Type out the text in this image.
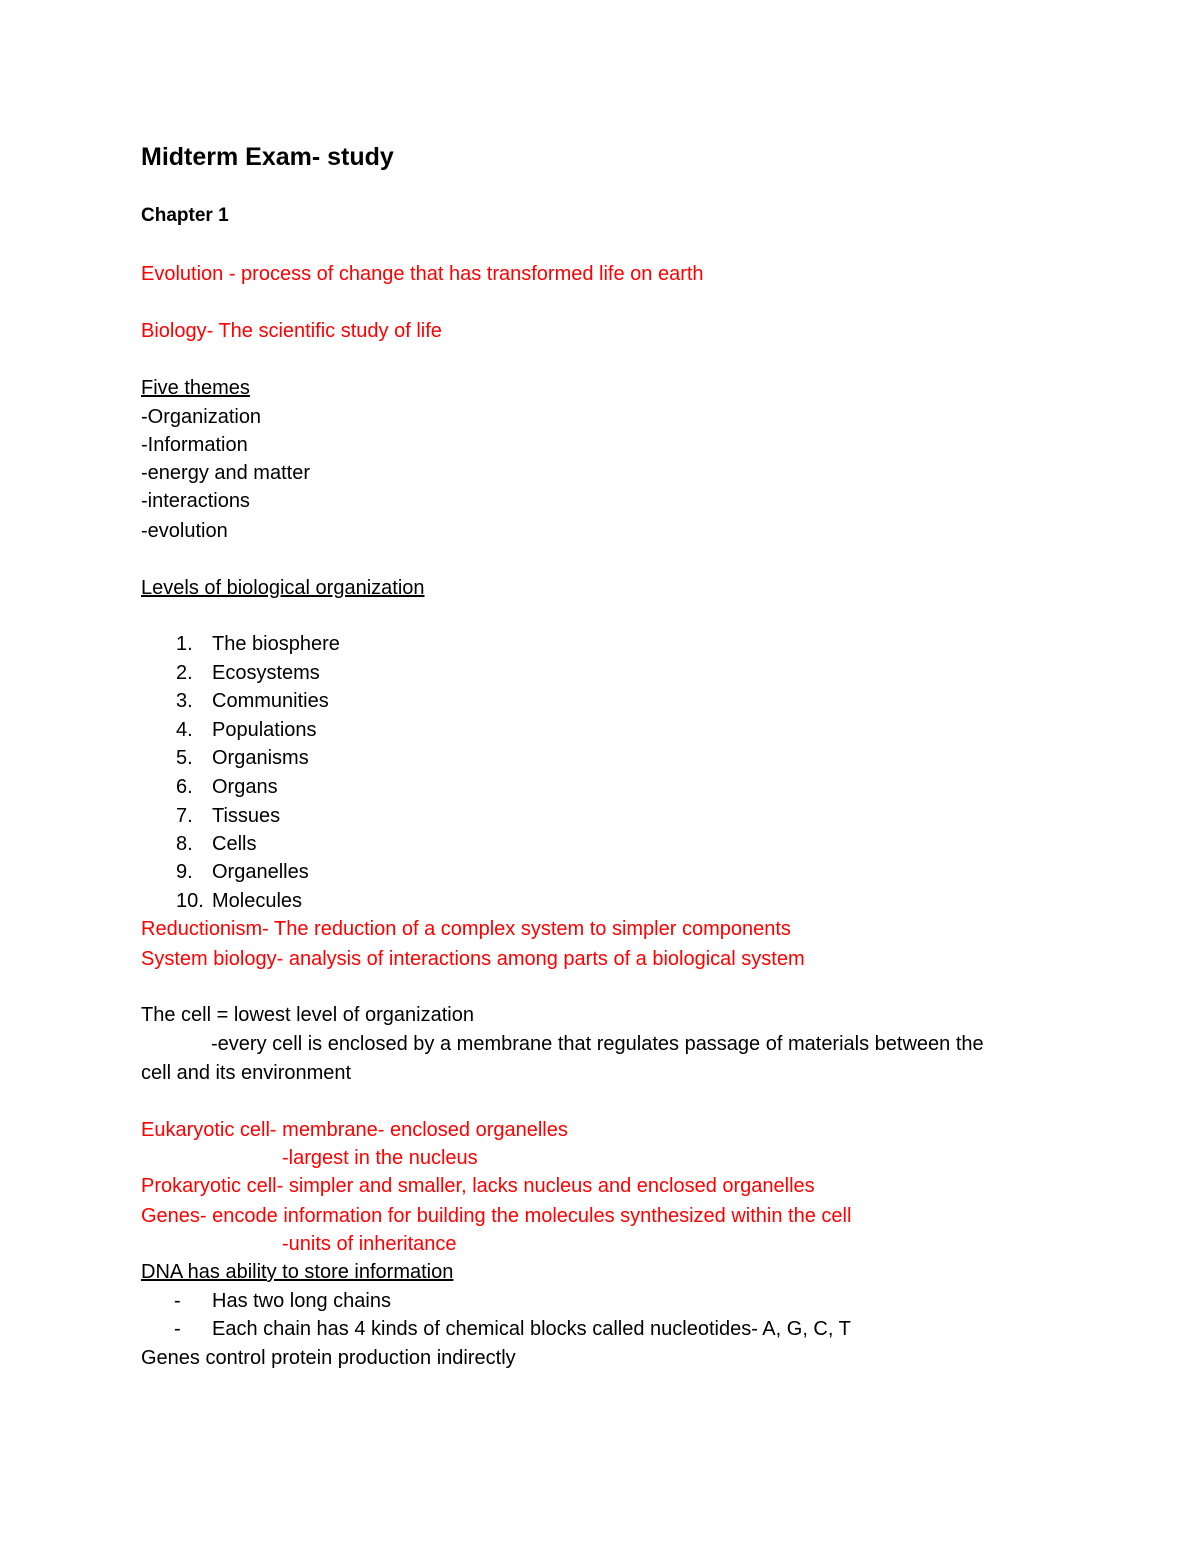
Midterm Exam- study
Chapter 1
Evolution - process of change that has transformed life on earth
Biology- The scientific study of life
Five themes
-Organization
-Information
-energy and matter
-interactions
-evolution
Levels of biological organization
1. The biosphere
2. Ecosystems
3. Communities
4. Populations
5. Organisms
6. Organs
7. Tissues
8. Cells
9. Organelles
10. Molecules
Reductionism- The reduction of a complex system to simpler components
System biology- analysis of interactions among parts of a biological system
The cell = lowest level of organization
-every cell is enclosed by a membrane that regulates passage of materials between the
cell and its environment
Eukaryotic cell- membrane- enclosed organelles
-largest in the nucleus
Prokaryotic cell- simpler and smaller, lacks nucleus and enclosed organelles
Genes- encode information for building the molecules synthesized within the cell
-units of inheritance
DNA has ability to store information
- Has two long chains
- Each chain has 4 kinds of chemical blocks called nucleotides- A, G, C, T
Genes control protein production indirectly
